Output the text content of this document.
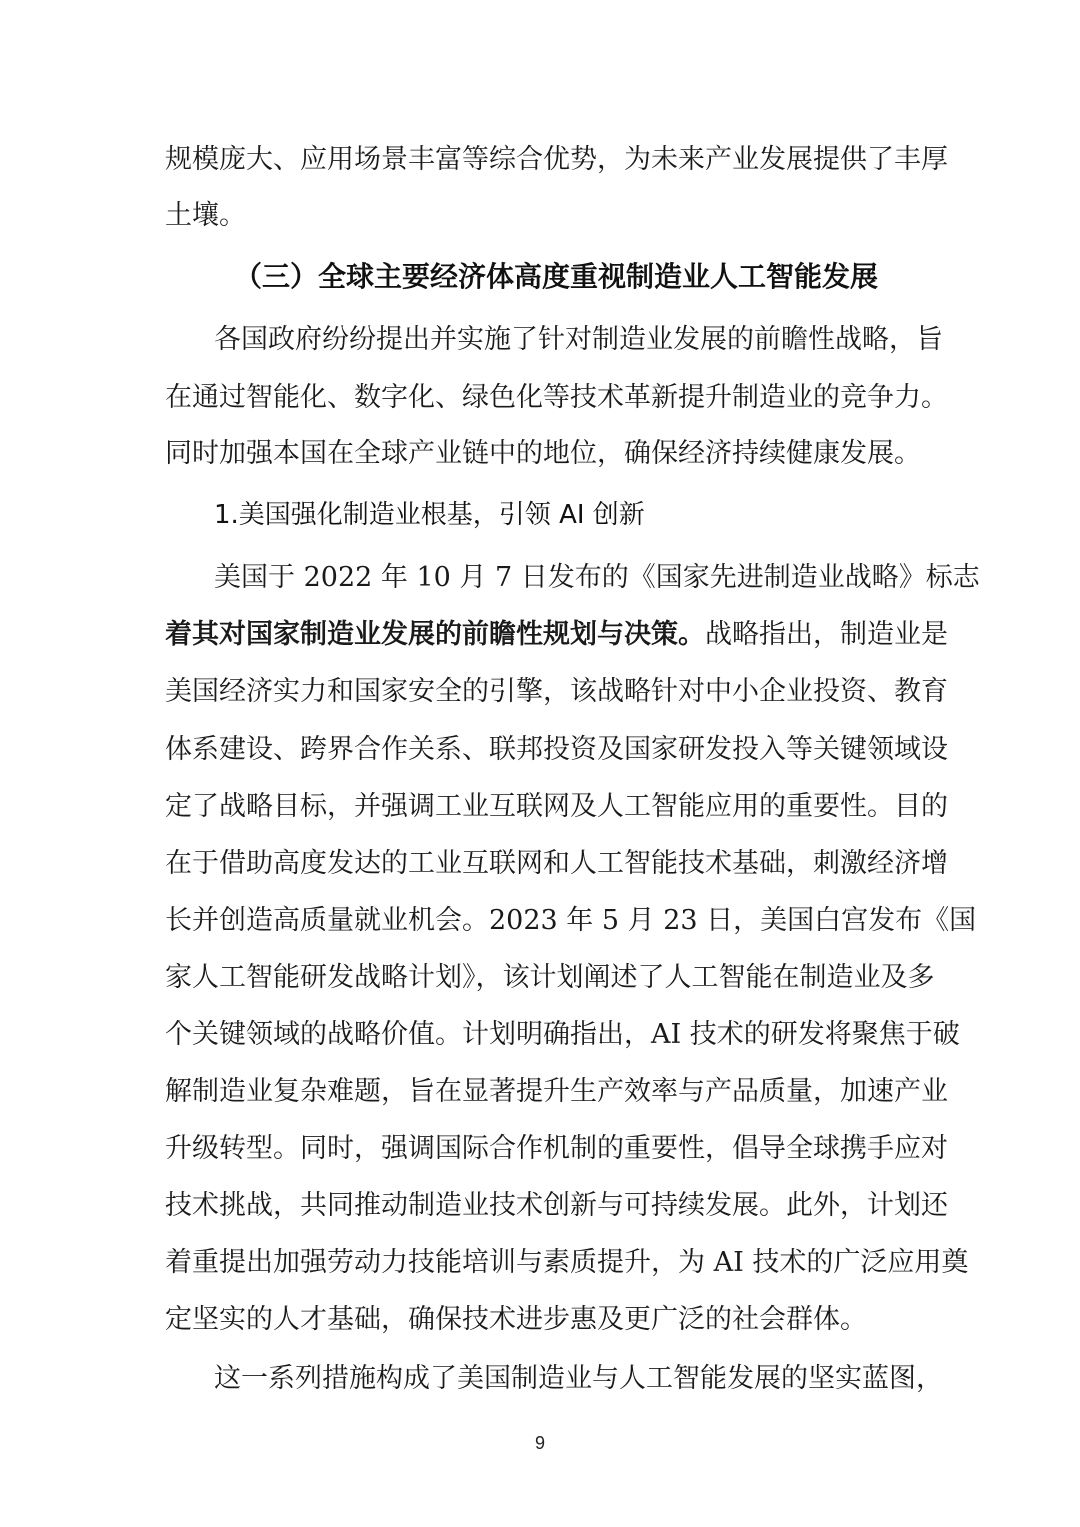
规模庞大、应用场景丰富等综合优势，为未来产业发展提供了丰厚
土壤。
（三）全球主要经济体高度重视制造业人工智能发展
各国政府纷纷提出并实施了针对制造业发展的前瞻性战略，旨
在通过智能化、数字化、绿色化等技术革新提升制造业的竞争力。
同时加强本国在全球产业链中的地位，确保经济持续健康发展。
1.美国强化制造业根基，引领 AI 创新
美国于 2022 年 10 月 7 日发布的《国家先进制造业战略》标志
着其对国家制造业发展的前瞻性规划与决策。战略指出，制造业是
美国经济实力和国家安全的引擎，该战略针对中小企业投资、教育
体系建设、跨界合作关系、联邦投资及国家研发投入等关键领域设
定了战略目标，并强调工业互联网及人工智能应用的重要性。目的
在于借助高度发达的工业互联网和人工智能技术基础，刺激经济增
长并创造高质量就业机会。2023 年 5 月 23 日，美国白宫发布《国
家人工智能研发战略计划》，该计划阐述了人工智能在制造业及多
个关键领域的战略价值。计划明确指出，AI 技术的研发将聚焦于破
解制造业复杂难题，旨在显著提升生产效率与产品质量，加速产业
升级转型。同时，强调国际合作机制的重要性，倡导全球携手应对
技术挑战，共同推动制造业技术创新与可持续发展。此外，计划还
着重提出加强劳动力技能培训与素质提升，为 AI 技术的广泛应用奠
定坚实的人才基础，确保技术进步惠及更广泛的社会群体。
这一系列措施构成了美国制造业与人工智能发展的坚实蓝图，
9
